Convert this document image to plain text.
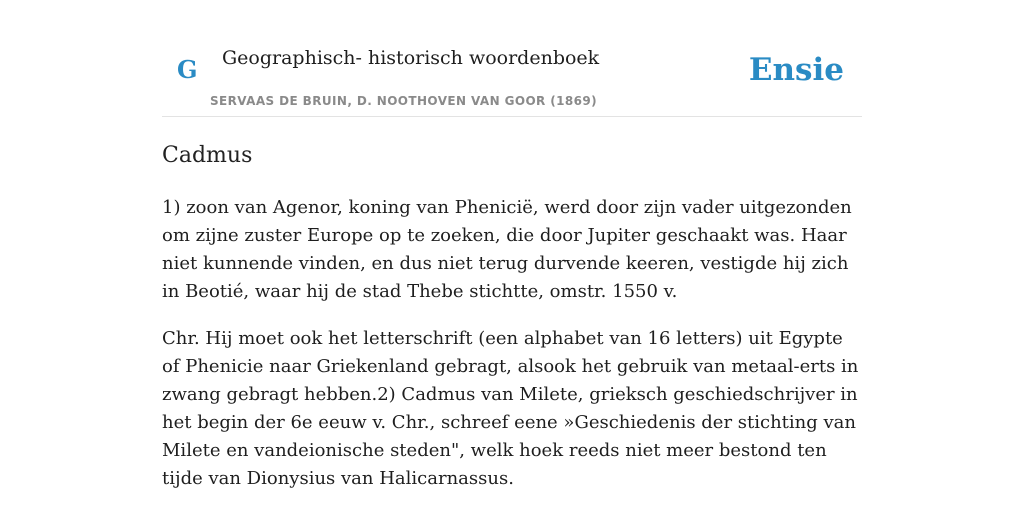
G Geographisch- historisch woordenboek
SERVAAS DE BRUIN, D. NOOTHOVEN VAN GOOR (1869)
Ensie
Cadmus

1) zoon van Agenor, koning van Phenicië, werd door zijn vader uitgezonden om zijne zuster Europe op te zoeken, die door Jupiter geschaakt was. Haar niet kunnende vinden, en dus niet terug durvende keeren, vestigde hij zich in Beotié, waar hij de stad Thebe stichtte, omstr. 1550 v.

Chr. Hij moet ook het letterschrift (een alphabet van 16 letters) uit Egypte of Phenicie naar Griekenland gebragt, alsook het gebruik van metaal-erts in zwang gebragt hebben.2) Cadmus van Milete, grieksch geschiedschrijver in het begin der 6e eeuw v. Chr., schreef eene »Geschiedenis der stichting van Milete en vandeionische steden", welk hoek reeds niet meer bestond ten tijde van Dionysius van Halicarnassus.
